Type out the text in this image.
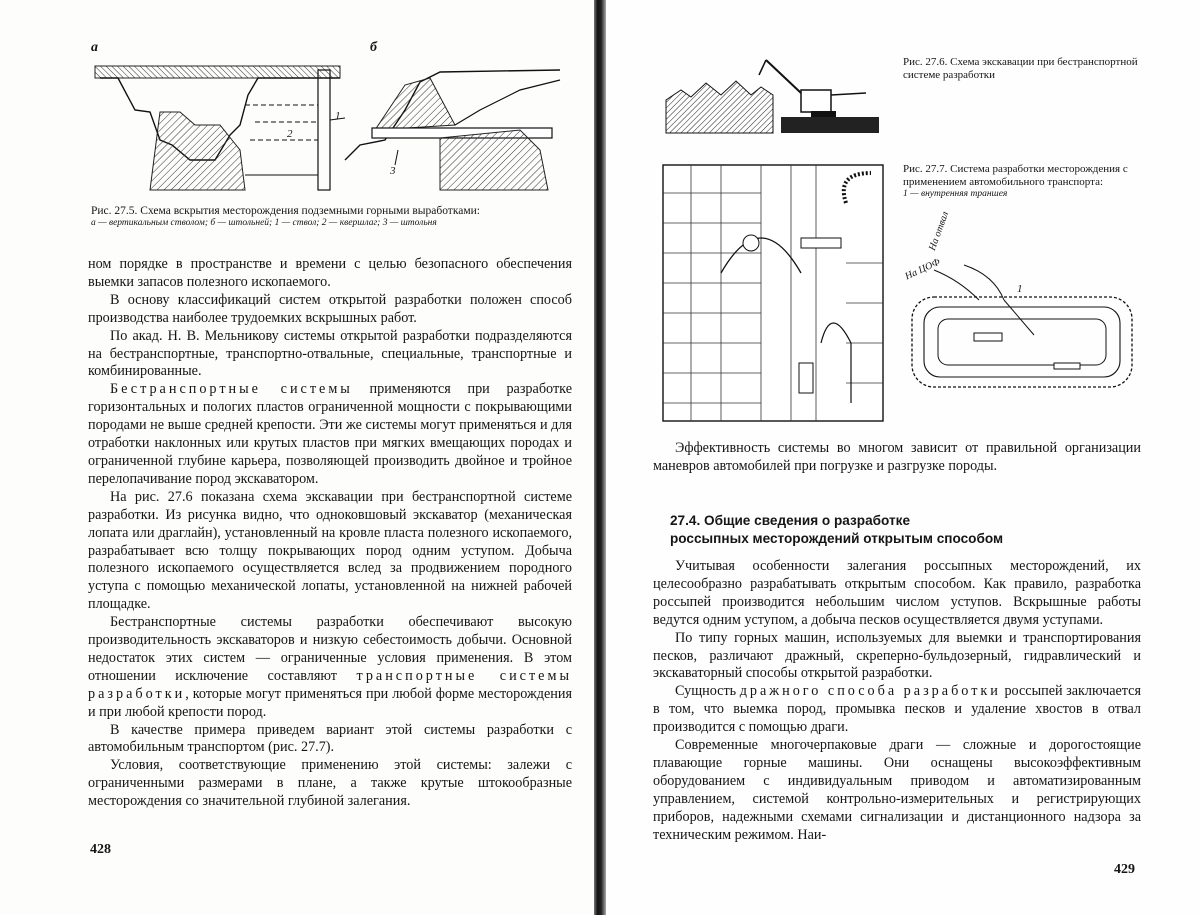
а	б
1
2
3
Рис. 27.5. Схема вскрытия месторождения подземными горными выработками:
а — вертикальным стволом; б — штольней; 1 — ствол; 2 — квершлаг; 3 — штольня

ном порядке в пространстве и времени с целью безопасного обеспечения выемки запасов полезного ископаемого.

В основу классификаций систем открытой разработки положен способ производства наиболее трудоемких вскрышных работ.

По акад. Н. В. Мельникову системы открытой разработки подразделяются на бестранспортные, транспортно-отвальные, специальные, транспортные и комбинированные.

Бестранспортные системы применяются при разработке горизонтальных и пологих пластов ограниченной мощности с покрывающими породами не выше средней крепости. Эти же системы могут применяться и для отработки наклонных или крутых пластов при мягких вмещающих породах и ограниченной глубине карьера, позволяющей производить двойное и тройное перелопачивание пород экскаватором.

На рис. 27.6 показана схема экскавации при бестранспортной системе разработки. Из рисунка видно, что одноковшовый экскаватор (механическая лопата или драглайн), установленный на кровле пласта полезного ископаемого, разрабатывает всю толщу покрывающих пород одним уступом. Добыча полезного ископаемого осуществляется вслед за продвижением породного уступа с помощью механической лопаты, установленной на нижней рабочей площадке.

Бестранспортные системы разработки обеспечивают высокую производительность экскаваторов и низкую себестоимость добычи. Основной недостаток этих систем — ограниченные условия применения. В этом отношении исключение составляют транспортные системы разработки, которые могут применяться при любой форме месторождения и при любой крепости пород.

В качестве примера приведем вариант этой системы разработки с автомобильным транспортом (рис. 27.7).

Условия, соответствующие применению этой системы: залежи с ограниченными размерами в плане, а также крутые штокообразные месторождения со значительной глубиной залегания.

428
Рис. 27.6. Схема экскавации при бестранспортной системе разработки
Рис. 27.7. Система разработки месторождения с применением автомобильного транспорта:
1 — внутренняя траншея
На ЦОФ
На отвал
1
Эффективность системы во многом зависит от правильной организации маневров автомобилей при погрузке и разгрузке породы.
27.4. Общие сведения о разработке
россыпных месторождений открытым способом

Учитывая особенности залегания россыпных месторождений, их целесообразно разрабатывать открытым способом. Как правило, разработка россыпей производится небольшим числом уступов. Вскрышные работы ведутся одним уступом, а добыча песков осуществляется двумя уступами.

По типу горных машин, используемых для выемки и транспортирования песков, различают дражный, скреперно-бульдозерный, гидравлический и экскаваторный способы открытой разработки.

Сущность дражного способа разработки россыпей заключается в том, что выемка пород, промывка песков и удаление хвостов в отвал производится с помощью драги.

Современные многочерпаковые драги — сложные и дорогостоящие плавающие горные машины. Они оснащены высокоэффективным оборудованием с индивидуальным приводом и автоматизированным управлением, системой контрольно-измерительных и регистрирующих приборов, надежными схемами сигнализации и дистанционного надзора за техническим режимом. Наи-

429
